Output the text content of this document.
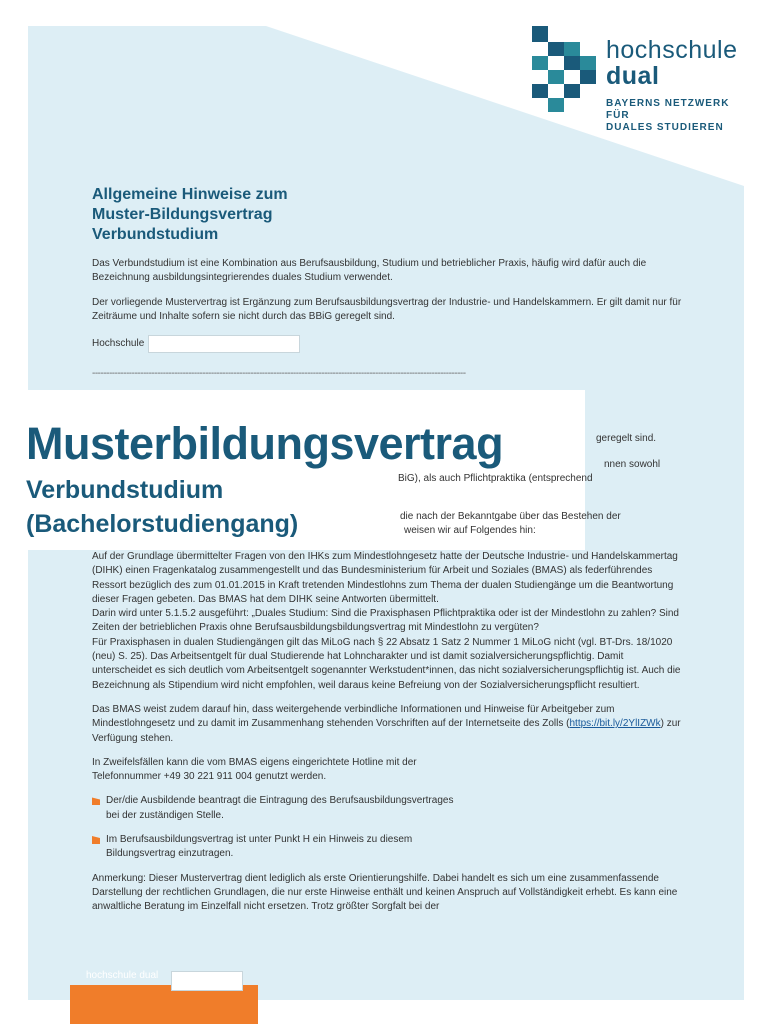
hochschule
dual
BAYERNS NETZWERK FÜR
DUALES STUDIEREN
Allgemeine Hinweise zum
Muster-Bildungsvertrag
Verbundstudium

Das Verbundstudium ist eine Kombination aus Berufsausbildung, Studium und betrieblicher Praxis, häufig wird dafür auch die Bezeichnung ausbildungsintegrierendes duales Studium verwendet.

Der vorliegende Mustervertrag ist Ergänzung zum Berufsausbildungsvertrag der Industrie- und Handelskammern. Er gilt damit nur für Zeiträume und Inhalte sofern sie nicht durch das BBiG geregelt sind.

Hochschule
------------------------------------------------------------------------------------------------------------------------------------
Musterbildungsvertrag
Verbundstudium
(Bachelorstudiengang)
geregelt sind.
nnen sowohl
BiG), als auch Pflichtpraktika (entsprechend
die nach der Bekanntgabe über das Bestehen der
weisen wir auf Folgendes hin:

Auf der Grundlage übermittelter Fragen von den IHKs zum Mindestlohngesetz hatte der Deutsche Industrie- und Handelskammertag (DIHK) einen Fragenkatalog zusammengestellt und das Bundesministerium für Arbeit und Soziales (BMAS) als federführendes Ressort bezüglich des zum 01.01.2015 in Kraft tretenden Mindestlohns zum Thema der dualen Studiengänge um die Beantwortung dieser Fragen gebeten. Das BMAS hat dem DIHK seine Antworten übermittelt.
Darin wird unter 5.1.5.2 ausgeführt: „Duales Studium: Sind die Praxisphasen Pflichtpraktika oder ist der Mindestlohn zu zahlen? Sind Zeiten der betrieblichen Praxis ohne Berufsausbildungsbildungsvertrag mit Mindestlohn zu vergüten?
Für Praxisphasen in dualen Studiengängen gilt das MiLoG nach § 22 Absatz 1 Satz 2 Nummer 1 MiLoG nicht (vgl. BT-Drs. 18/1020 (neu) S. 25). Das Arbeitsentgelt für dual Studierende hat Lohncharakter und ist damit sozialversicherungspflichtig. Damit unterscheidet es sich deutlich vom Arbeitsentgelt sogenannter Werkstudent*innen, das nicht sozialversicherungspflichtig ist. Auch die Bezeichnung als Stipendium wird nicht empfohlen, weil daraus keine Befreiung von der Sozialversicherungspflicht resultiert.

Das BMAS weist zudem darauf hin, dass weitergehende verbindliche Informationen und Hinweise für Arbeitgeber zum Mindestlohngesetz und zu damit im Zusammenhang stehenden Vorschriften auf der Internetseite des Zolls (https://bit.ly/2YlIZWk) zur Verfügung stehen.

In Zweifelsfällen kann die vom BMAS eigens eingerichtete Hotline mit der
Telefonnummer +49 30 221 911 004 genutzt werden.

Der/die Ausbildende beantragt die Eintragung des Berufsausbildungsvertrages
bei der zuständigen Stelle.
Im Berufsausbildungsvertrag ist unter Punkt H ein Hinweis zu diesem
Bildungsvertrag einzutragen.

Anmerkung: Dieser Mustervertrag dient lediglich als erste Orientierungshilfe. Dabei handelt es sich um eine zusammenfassende Darstellung der rechtlichen Grundlagen, die nur erste Hinweise enthält und keinen Anspruch auf Vollständigkeit erhebt. Es kann eine anwaltliche Beratung im Einzelfall nicht ersetzen. Trotz größter Sorgfalt bei der

hochschule dual
